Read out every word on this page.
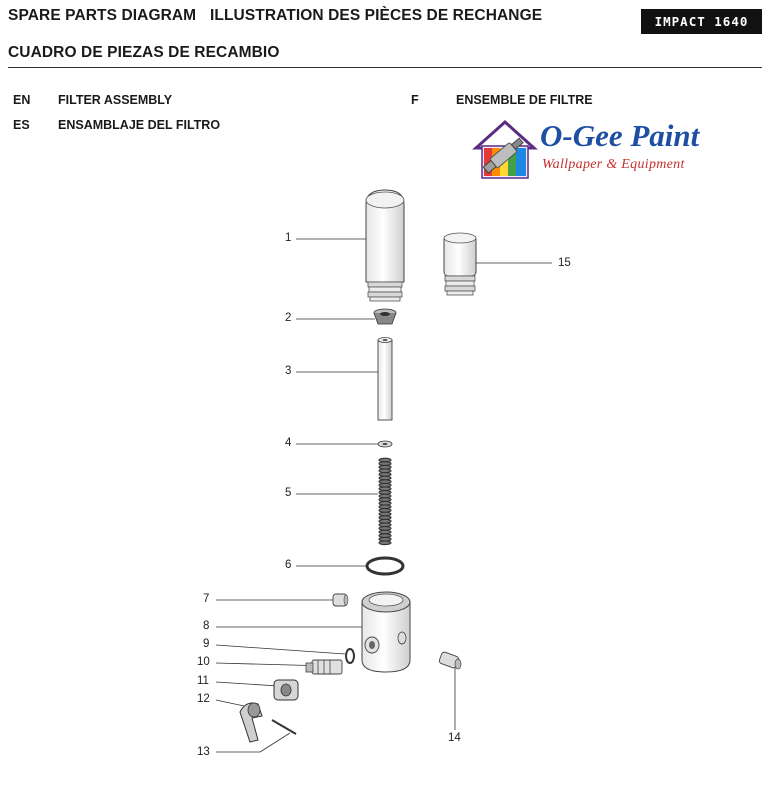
SPARE PARTS DIAGRAM ILLUSTRATION DES PIÈCES DE RECHANGE
CUADRO DE PIEZAS DE RECAMBIO
IMPACT 1640
EN FILTER ASSEMBLY
ES ENSAMBLAJE DEL FILTRO
F	ENSEMBLE DE FILTRE
O-Gee Paint
Wallpaper & Equipment
1
15
2
3
4
5
6
7
8
9
10
11
12
13
14
